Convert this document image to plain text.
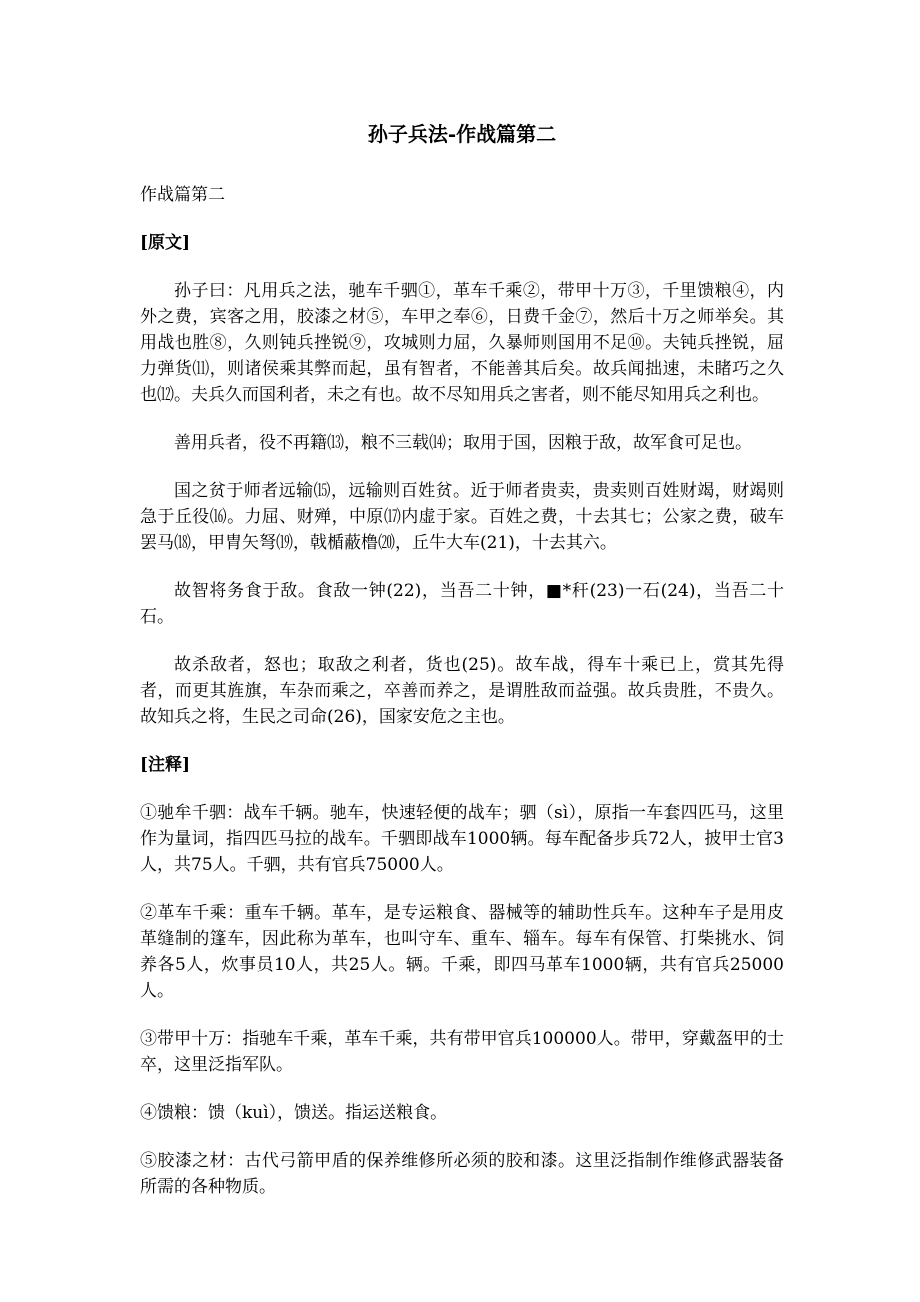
孙子兵法-作战篇第二
作战篇第二
[原文]

孙子曰：凡用兵之法，驰车千驷①，革车千乘②，带甲十万③，千里馈粮④，内外之费，宾客之用，胶漆之材⑤，车甲之奉⑥，日费千金⑦，然后十万之师举矣。其用战也胜⑧，久则钝兵挫锐⑨，攻城则力屈，久暴师则国用不足⑩。夫钝兵挫锐，屈力弹货⑾，则诸侯乘其弊而起，虽有智者，不能善其后矣。故兵闻拙速，未睹巧之久也⑿。夫兵久而国利者，未之有也。故不尽知用兵之害者，则不能尽知用兵之利也。

善用兵者，役不再籍⒀，粮不三载⒁；取用于国，因粮于敌，故军食可足也。

国之贫于师者远输⒂，远输则百姓贫。近于师者贵卖，贵卖则百姓财竭，财竭则急于丘役⒃。力屈、财殚，中原⒄内虚于家。百姓之费，十去其七；公家之费，破车罢马⒅，甲胄矢弩⒆，戟楯蔽橹⒇，丘牛大车(21)，十去其六。

故智将务食于敌。食敌一钟(22)，当吾二十钟，■*秆(23)一石(24)，当吾二十石。

故杀敌者，怒也；取敌之利者，货也(25)。故车战，得车十乘已上，赏其先得者，而更其旌旗，车杂而乘之，卒善而养之，是谓胜敌而益强。故兵贵胜，不贵久。故知兵之将，生民之司命(26)，国家安危之主也。

[注释]

①驰牟千驷：战车千辆。驰车，快速轻便的战车；驷（sì），原指一车套四匹马，这里作为量词，指四匹马拉的战车。千驷即战车1000辆。每车配备步兵72人，披甲士官3人，共75人。千驷，共有官兵75000人。

②革车千乘：重车千辆。革车，是专运粮食、器械等的辅助性兵车。这种车子是用皮革缝制的篷车，因此称为革车，也叫守车、重车、辎车。每车有保管、打柴挑水、饲养各5人，炊事员10人，共25人。辆。千乘，即四马革车1000辆，共有官兵25000人。

③带甲十万：指驰车千乘，革车千乘，共有带甲官兵100000人。带甲，穿戴盔甲的士卒，这里泛指军队。

④馈粮：馈（kuì），馈送。指运送粮食。

⑤胶漆之材：古代弓箭甲盾的保养维修所必须的胶和漆。这里泛指制作维修武器装备所需的各种物质。
